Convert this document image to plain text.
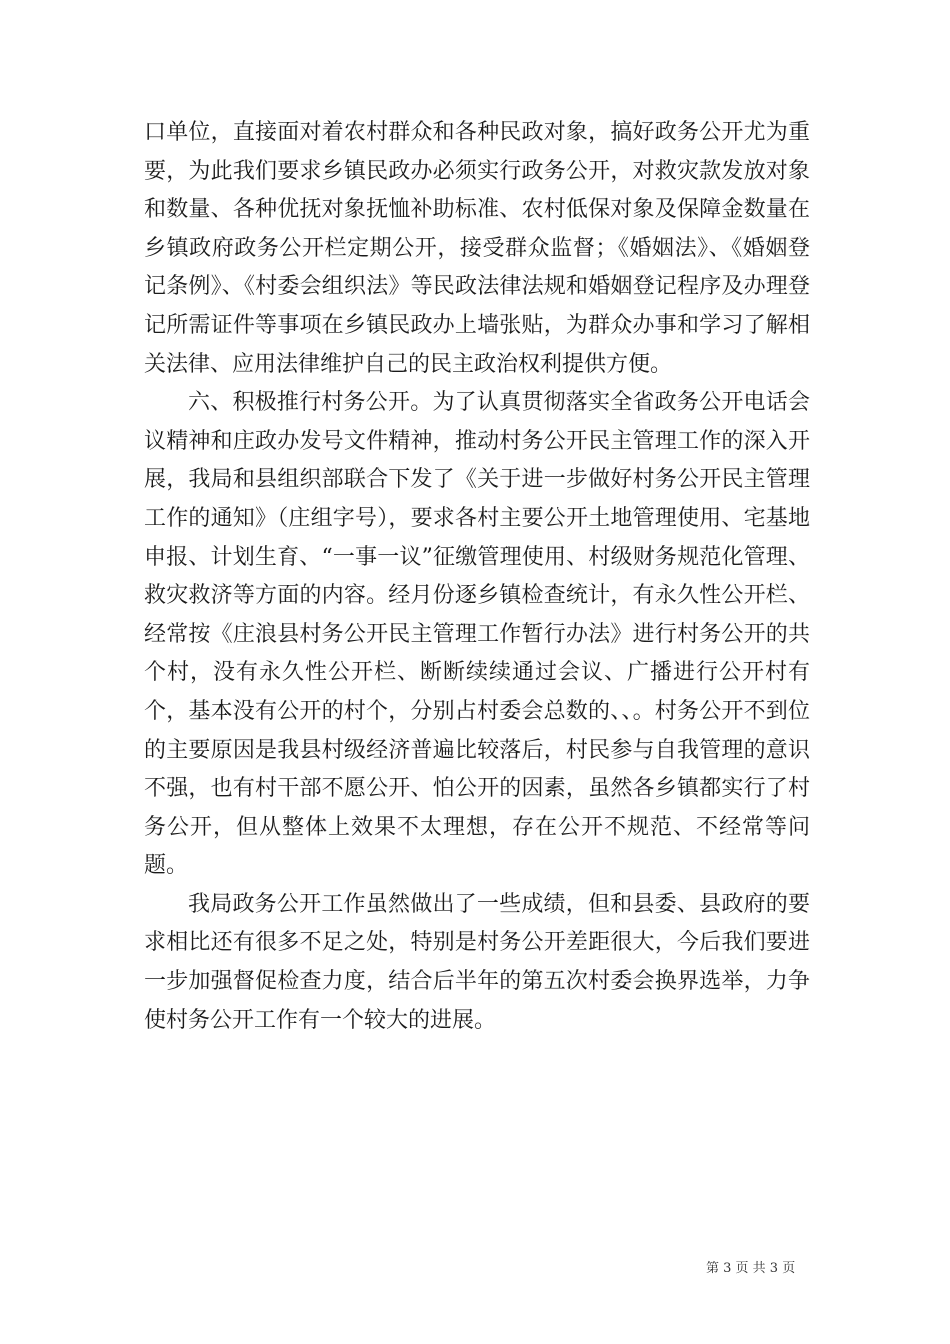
口单位，直接面对着农村群众和各种民政对象，搞好政务公开尤为重要，为此我们要求乡镇民政办必须实行政务公开，对救灾款发放对象和数量、各种优抚对象抚恤补助标准、农村低保对象及保障金数量在乡镇政府政务公开栏定期公开，接受群众监督；《婚姻法》、《婚姻登记条例》、《村委会组织法》等民政法律法规和婚姻登记程序及办理登记所需证件等事项在乡镇民政办上墙张贴，为群众办事和学习了解相关法律、应用法律维护自己的民主政治权利提供方便。

六、积极推行村务公开。为了认真贯彻落实全省政务公开电话会议精神和庄政办发号文件精神，推动村务公开民主管理工作的深入开展，我局和县组织部联合下发了《关于进一步做好村务公开民主管理工作的通知》（庄组字号），要求各村主要公开土地管理使用、宅基地申报、计划生育、“一事一议”征缴管理使用、村级财务规范化管理、救灾救济等方面的内容。经月份逐乡镇检查统计，有永久性公开栏、经常按《庄浪县村务公开民主管理工作暂行办法》进行村务公开的共个村，没有永久性公开栏、断断续续通过会议、广播进行公开村有个，基本没有公开的村个，分别占村委会总数的、、。村务公开不到位的主要原因是我县村级经济普遍比较落后，村民参与自我管理的意识不强，也有村干部不愿公开、怕公开的因素，虽然各乡镇都实行了村务公开，但从整体上效果不太理想，存在公开不规范、不经常等问题。

我局政务公开工作虽然做出了一些成绩，但和县委、县政府的要求相比还有很多不足之处，特别是村务公开差距很大，今后我们要进一步加强督促检查力度，结合后半年的第五次村委会换界选举，力争使村务公开工作有一个较大的进展。

第 3 页 共 3 页
